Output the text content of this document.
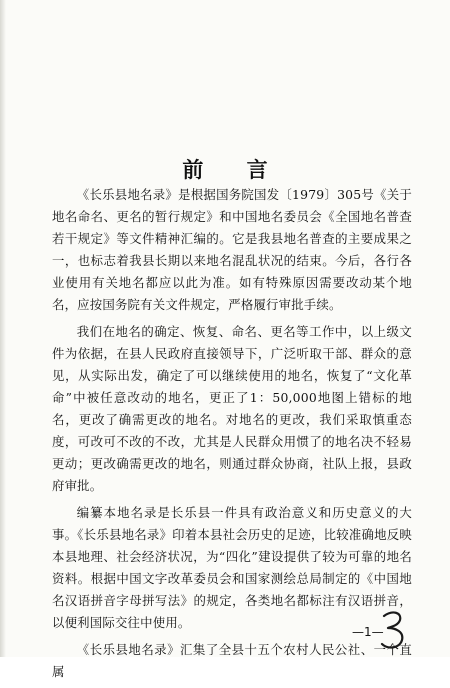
前 言

《长乐县地名录》是根据国务院国发〔1979〕305号《关于地名命名、更名的暂行规定》和中国地名委员会《全国地名普查若干规定》等文件精神汇编的。它是我县地名普查的主要成果之一，也标志着我县长期以来地名混乱状况的结束。今后，各行各业使用有关地名都应以此为准。如有特殊原因需要改动某个地名，应按国务院有关文件规定，严格履行审批手续。

我们在地名的确定、恢复、命名、更名等工作中，以上级文件为依据，在县人民政府直接领导下，广泛听取干部、群众的意见，从实际出发，确定了可以继续使用的地名，恢复了“文化革命”中被任意改动的地名，更正了1：50,000地图上错标的地名，更改了确需更改的地名。对地名的更改，我们采取慎重态度，可改可不改的不改，尤其是人民群众用惯了的地名决不轻易更动；更改确需更改的地名，则通过群众协商，社队上报，县政府审批。

编纂本地名录是长乐县一件具有政治意义和历史意义的大事。《长乐县地名录》印着本县社会历史的足迹，比较准确地反映本县地理、社会经济状况，为“四化”建设提供了较为可靠的地名资料。根据中国文字改革委员会和国家测绘总局制定的《中国地名汉语拼音字母拼写法》的规定，各类地名都标注有汉语拼音，以便利国际交往中使用。

《长乐县地名录》汇集了全县十五个农村人民公社、一个直属

—1—
